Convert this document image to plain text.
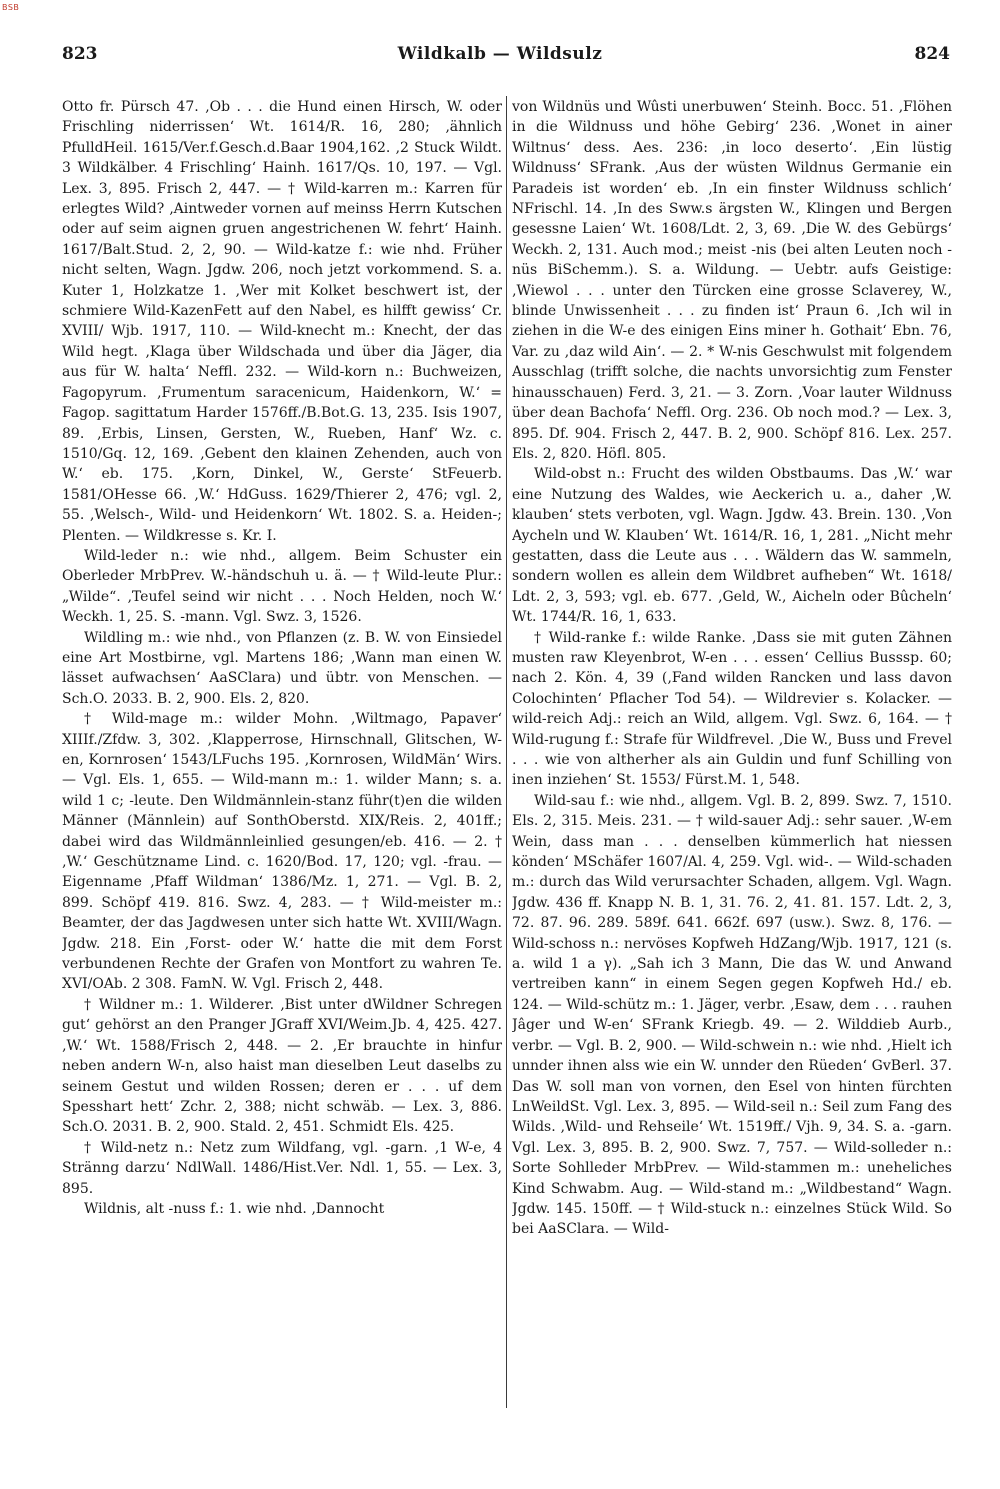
BSB
823	Wildkalb — Wildsulz	824

Otto fr. Pürsch 47. ‚Ob . . . die Hund einen Hirsch, W. oder Frischling niderrissen‘ Wt. 1614/R. 16, 280; ‚ähnlich PfulldHeil. 1615/Ver.f.Gesch.d.Baar 1904,162. ‚2 Stuck Wildt. 3 Wildkälber. 4 Frischling‘ Hainh. 1617/Qs. 10, 197. — Vgl. Lex. 3, 895. Frisch 2, 447. — † Wild-karren m.: Karren für erlegtes Wild? ‚Aintweder vornen auf meinss Herrn Kutschen oder auf seim aignen gruen angestrichenen W. fehrt‘ Hainh. 1617/Balt.Stud. 2, 2, 90. — Wild-katze f.: wie nhd. Früher nicht selten, Wagn. Jgdw. 206, noch jetzt vorkommend. S. a. Kuter 1, Holzkatze 1. ‚Wer mit Kolket beschwert ist, der schmiere Wild-KazenFett auf den Nabel, es hilfft gewiss‘ Cr. XVIII/ Wjb. 1917, 110. — Wild-knecht m.: Knecht, der das Wild hegt. ‚Klaga über Wildschada und über dia Jäger, dia aus für W. halta‘ Neffl. 232. — Wild-korn n.: Buchweizen, Fagopyrum. ‚Frumentum saracenicum, Haidenkorn, W.‘ = Fagop. sagittatum Harder 1576ff./B.Bot.G. 13, 235. Isis 1907, 89. ‚Erbis, Linsen, Gersten, W., Rueben, Hanf‘ Wz. c. 1510/Gq. 12, 169. ‚Gebent den klainen Zehenden, auch von W.‘ eb. 175. ‚Korn, Dinkel, W., Gerste‘ StFeuerb. 1581/OHesse 66. ‚W.‘ HdGuss. 1629/Thierer 2, 476; vgl. 2, 55. ‚Welsch-, Wild- und Heidenkorn‘ Wt. 1802. S. a. Heiden-; Plenten. — Wildkresse s. Kr. I.

Wild-leder n.: wie nhd., allgem. Beim Schuster ein Oberleder MrbPrev. W.-händschuh u. ä. — † Wild-leute Plur.: „Wilde“. ‚Teufel seind wir nicht . . . Noch Helden, noch W.‘ Weckh. 1, 25. S. -mann. Vgl. Swz. 3, 1526.

Wildling m.: wie nhd., von Pflanzen (z. B. W. von Einsiedel eine Art Mostbirne, vgl. Martens 186; ‚Wann man einen W. lässet aufwachsen‘ AaSClara) und übtr. von Menschen. — Sch.O. 2033. B. 2, 900. Els. 2, 820.

† Wild-mage m.: wilder Mohn. ‚Wiltmago, Papaver‘ XIIIf./Zfdw. 3, 302. ‚Klapperrose, Hirnschnall, Glitschen, W-en, Kornrosen‘ 1543/LFuchs 195. ‚Kornrosen, WildMän‘ Wirs. — Vgl. Els. 1, 655. — Wild-mann m.: 1. wilder Mann; s. a. wild 1 c; -leute. Den Wildmännlein-stanz führ(t)en die wilden Männer (Männlein) auf SonthOberstd. XIX/Reis. 2, 401ff.; dabei wird das Wildmännleinlied gesungen/eb. 416. — 2. † ‚W.‘ Geschützname Lind. c. 1620/Bod. 17, 120; vgl. -frau. — Eigenname ‚Pfaff Wildman‘ 1386/Mz. 1, 271. — Vgl. B. 2, 899. Schöpf 419. 816. Swz. 4, 283. — † Wild-meister m.: Beamter, der das Jagdwesen unter sich hatte Wt. XVIII/Wagn. Jgdw. 218. Ein ‚Forst- oder W.‘ hatte die mit dem Forst verbundenen Rechte der Grafen von Montfort zu wahren Te. XVI/OAb. 2 308. FamN. W. Vgl. Frisch 2, 448.

† Wildner m.: 1. Wilderer. ‚Bist unter dWildner Schregen gut‘ gehörst an den Pranger JGraff XVI/Weim.Jb. 4, 425. 427. ‚W.‘ Wt. 1588/Frisch 2, 448. — 2. ‚Er brauchte in hinfur neben andern W-n, also haist man dieselben Leut daselbs zu seinem Gestut und wilden Rossen; deren er . . . uf dem Spesshart hett‘ Zchr. 2, 388; nicht schwäb. — Lex. 3, 886. Sch.O. 2031. B. 2, 900. Stald. 2, 451. Schmidt Els. 425.

† Wild-netz n.: Netz zum Wildfang, vgl. -garn. ‚1 W-e, 4 Stränng darzu‘ NdlWall. 1486/Hist.Ver. Ndl. 1, 55. — Lex. 3, 895.

Wildnis, alt -nuss f.: 1. wie nhd. ‚Dannocht

von Wildnüs und Wûsti unerbuwen‘ Steinh. Bocc. 51. ‚Flöhen in die Wildnuss und höhe Gebirg‘ 236. ‚Wonet in ainer Wiltnus‘ dess. Aes. 236: ‚in loco deserto‘. ‚Ein lüstig Wildnuss‘ SFrank. ‚Aus der wüsten Wildnus Germanie ein Paradeis ist worden‘ eb. ‚In ein finster Wildnuss schlich‘ NFrischl. 14. ‚In des Sww.s ärgsten W., Klingen und Bergen gesessne Laien‘ Wt. 1608/Ldt. 2, 3, 69. ‚Die W. des Gebürgs‘ Weckh. 2, 131. Auch mod.; meist -nis (bei alten Leuten noch -nüs BiSchemm.). S. a. Wildung. — Uebtr. aufs Geistige: ‚Wiewol . . . unter den Türcken eine grosse Sclaverey, W., blinde Unwissenheit . . . zu finden ist‘ Praun 6. ‚Ich wil in ziehen in die W-e des einigen Eins miner h. Gothait‘ Ebn. 76, Var. zu ‚daz wild Ain‘. — 2. * W-nis Geschwulst mit folgendem Ausschlag (trifft solche, die nachts unvorsichtig zum Fenster hinausschauen) Ferd. 3, 21. — 3. Zorn. ‚Voar lauter Wildnuss über dean Bachofa‘ Neffl. Org. 236. Ob noch mod.? — Lex. 3, 895. Df. 904. Frisch 2, 447. B. 2, 900. Schöpf 816. Lex. 257. Els. 2, 820. Höfl. 805.

Wild-obst n.: Frucht des wilden Obstbaums. Das ‚W.‘ war eine Nutzung des Waldes, wie Aeckerich u. a., daher ‚W. klauben‘ stets verboten, vgl. Wagn. Jgdw. 43. Brein. 130. ‚Von Aycheln und W. Klauben‘ Wt. 1614/R. 16, 1, 281. „Nicht mehr gestatten, dass die Leute aus . . . Wäldern das W. sammeln, sondern wollen es allein dem Wildbret aufheben“ Wt. 1618/ Ldt. 2, 3, 593; vgl. eb. 677. ‚Geld, W., Aicheln oder Bûcheln‘ Wt. 1744/R. 16, 1, 633.

† Wild-ranke f.: wilde Ranke. ‚Dass sie mit guten Zähnen musten raw Kleyenbrot, W-en . . . essen‘ Cellius Busssp. 60; nach 2. Kön. 4, 39 (‚Fand wilden Rancken und lass davon Colochinten‘ Pflacher Tod 54). — Wildrevier s. Kolacker. — wild-reich Adj.: reich an Wild, allgem. Vgl. Swz. 6, 164. — † Wild-rugung f.: Strafe für Wildfrevel. ‚Die W., Buss und Frevel . . . wie von altherher als ain Guldin und funf Schilling von inen inziehen‘ St. 1553/ Fürst.M. 1, 548.

Wild-sau f.: wie nhd., allgem. Vgl. B. 2, 899. Swz. 7, 1510. Els. 2, 315. Meis. 231. — † wild-sauer Adj.: sehr sauer. ‚W-em Wein, dass man . . . denselben kümmerlich hat niessen könden‘ MSchäfer 1607/Al. 4, 259. Vgl. wid-. — Wild-schaden m.: durch das Wild verursachter Schaden, allgem. Vgl. Wagn. Jgdw. 436 ff. Knapp N. B. 1, 31. 76. 2, 41. 81. 157. Ldt. 2, 3, 72. 87. 96. 289. 589f. 641. 662f. 697 (usw.). Swz. 8, 176. — Wild-schoss n.: nervöses Kopfweh HdZang/Wjb. 1917, 121 (s. a. wild 1 a γ). „Sah ich 3 Mann, Die das W. und Anwand vertreiben kann“ in einem Segen gegen Kopfweh Hd./ eb. 124. — Wild-schütz m.: 1. Jäger, verbr. ‚Esaw, dem . . . rauhen Jâger und W-en‘ SFrank Kriegb. 49. — 2. Wilddieb Aurb., verbr. — Vgl. B. 2, 900. — Wild-schwein n.: wie nhd. ‚Hielt ich unnder ihnen alss wie ein W. unnder den Rüeden‘ GvBerl. 37. Das W. soll man von vornen, den Esel von hinten fürchten LnWeildSt. Vgl. Lex. 3, 895. — Wild-seil n.: Seil zum Fang des Wilds. ‚Wild- und Rehseile‘ Wt. 1519ff./ Vjh. 9, 34. S. a. -garn. Vgl. Lex. 3, 895. B. 2, 900. Swz. 7, 757. — Wild-solleder n.: Sorte Sohlleder MrbPrev. — Wild-stammen m.: uneheliches Kind Schwabm. Aug. — Wild-stand m.: „Wildbestand“ Wagn. Jgdw. 145. 150ff. — † Wild-stuck n.: einzelnes Stück Wild. So bei AaSClara. — Wild-
